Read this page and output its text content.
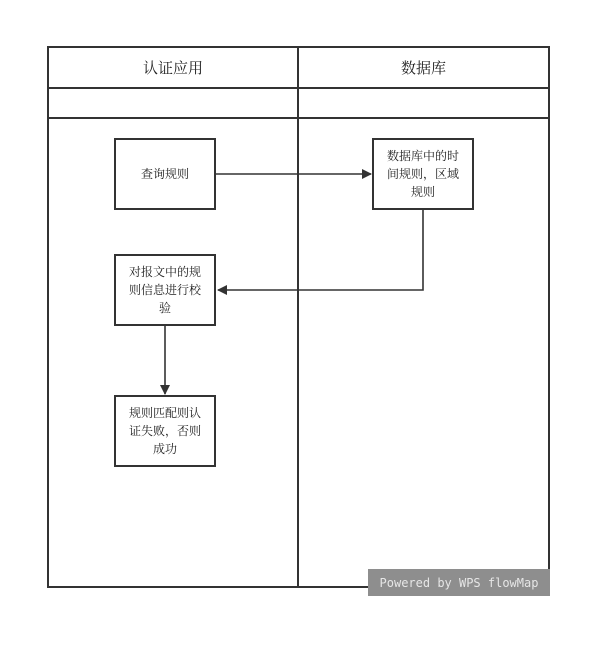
认证应用	数据库
查询规则
数据库中的时间规则，区域规则
对报文中的规则信息进行校验
规则匹配则认证失败，否则成功
Powered by WPS flowMap
